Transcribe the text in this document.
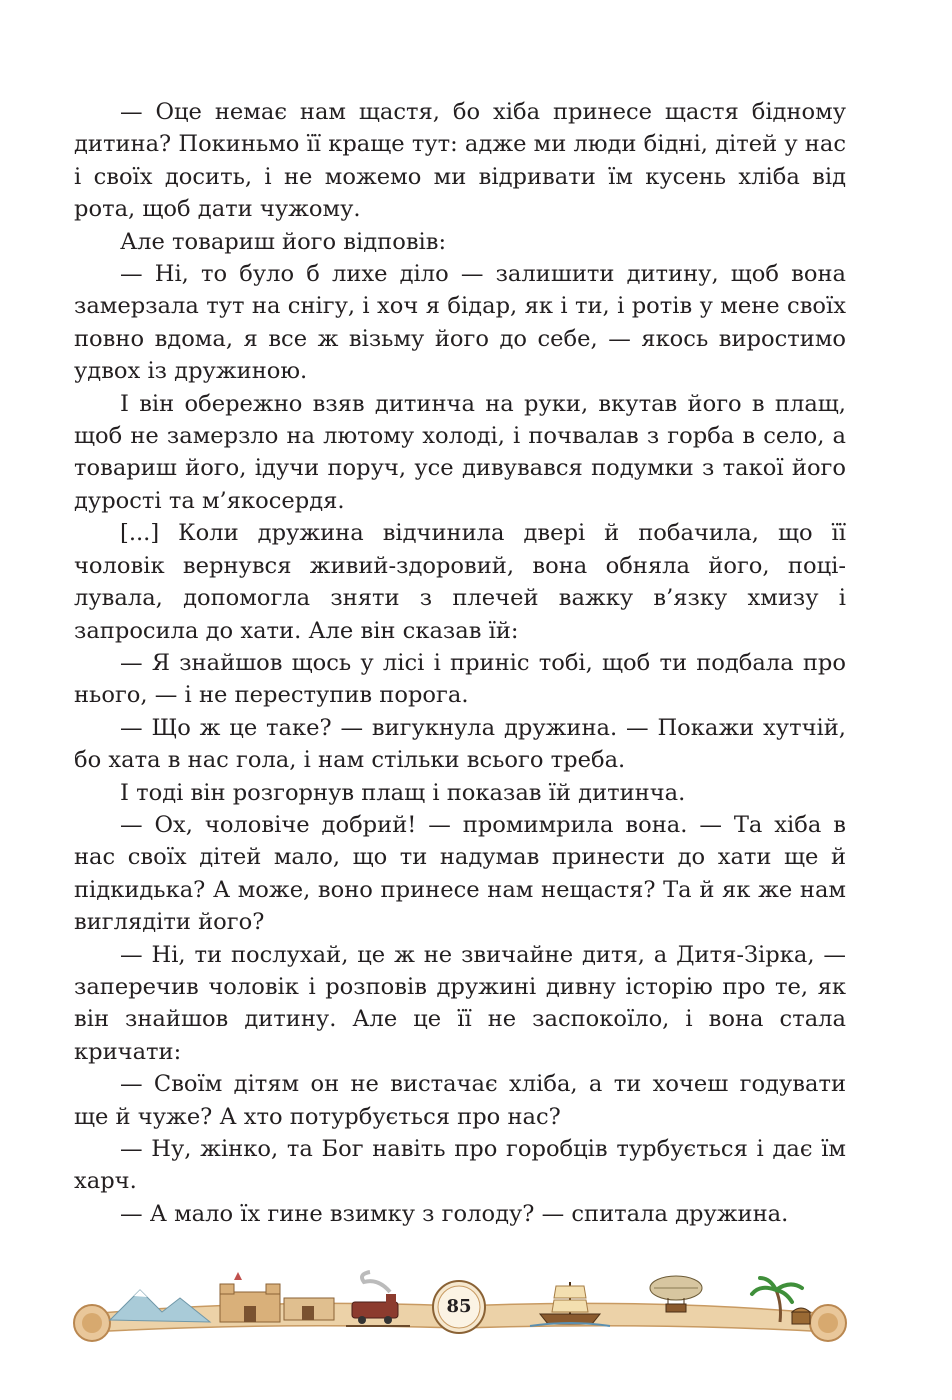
— Оце немає нам щастя, бо хіба принесе щастя бідному дитина? Покиньмо її краще тут: адже ми люди бідні, дітей у нас і своїх досить, і не можемо ми відривати їм кусень хліба від рота, щоб дати чужому.

Але товариш його відповів:

— Ні, то було б лихе діло — залишити дитину, щоб вона замерзала тут на снігу, і хоч я бідар, як і ти, і ротів у мене своїх повно вдома, я все ж візьму його до себе, — якось виростимо удвох із дружиною.

І він обережно взяв дитинча на руки, вкутав його в плащ, щоб не замерзло на лютому холоді, і почвалав з горба в село, а товариш його, ідучи поруч, усе дивувався подумки з такої його дурості та м’якосердя.

[...] Коли дружина відчинила двері й побачила, що її чоловік вернувся живий-здоровий, вона обняла його, поцілувала, допомогла зняти з плечей важку в’язку хмизу і запросила до хати. Але він сказав їй:

— Я знайшов щось у лісі і приніс тобі, щоб ти подбала про нього, — і не переступив порога.

— Що ж це таке? — вигукнула дружина. — Покажи хутчій, бо хата в нас гола, і нам стільки всього треба.

І тоді він розгорнув плащ і показав їй дитинча.

— Ох, чоловіче добрий! — промимрила вона. — Та хіба в нас своїх дітей мало, що ти надумав принести до хати ще й підкидька? А може, воно принесе нам нещастя? Та й як же нам виглядіти його?

— Ні, ти послухай, це ж не звичайне дитя, а Дитя-Зірка, — заперечив чоловік і розповів дружині дивну історію про те, як він знайшов дитину. Але це її не заспокоїло, і вона стала кричати:

— Своїм дітям он не вистачає хліба, а ти хочеш годувати ще й чуже? А хто потурбується про нас?

— Ну, жінко, та Бог навіть про горобців турбується і дає їм харч.

— А мало їх гине взимку з голоду? — спитала дружина.

85
